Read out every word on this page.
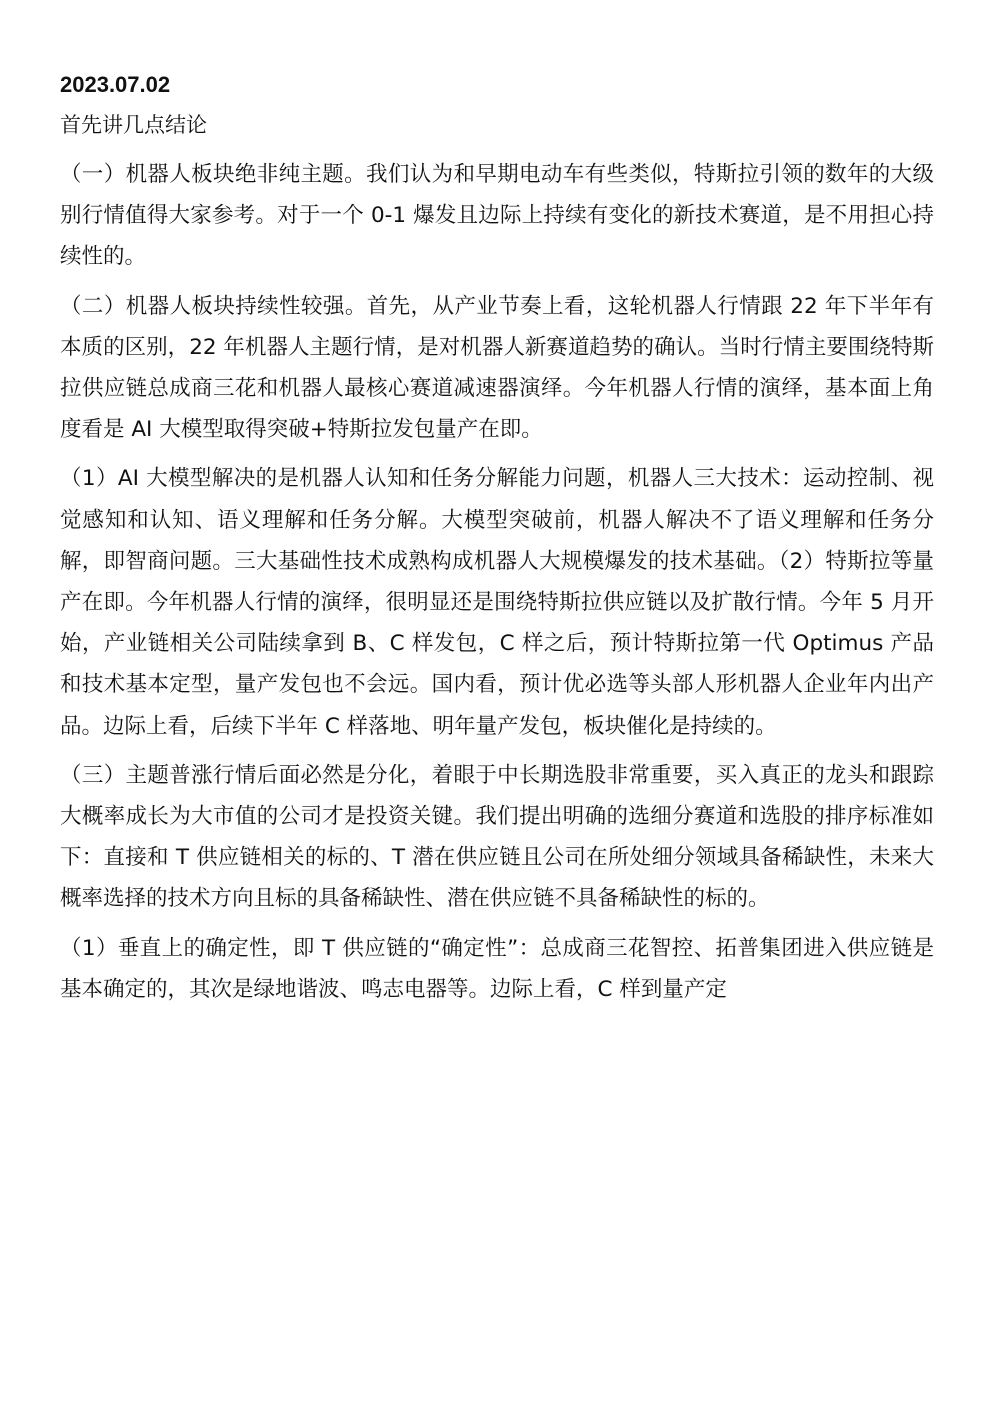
2023.07.02
首先讲几点结论

（一）机器人板块绝非纯主题。我们认为和早期电动车有些类似，特斯拉引领的数年的大级别行情值得大家参考。对于一个 0-1 爆发且边际上持续有变化的新技术赛道，是不用担心持续性的。

（二）机器人板块持续性较强。首先，从产业节奏上看，这轮机器人行情跟 22 年下半年有本质的区别，22 年机器人主题行情，是对机器人新赛道趋势的确认。当时行情主要围绕特斯拉供应链总成商三花和机器人最核心赛道减速器演绎。今年机器人行情的演绎，基本面上角度看是 AI 大模型取得突破+特斯拉发包量产在即。

（1）AI 大模型解决的是机器人认知和任务分解能力问题，机器人三大技术：运动控制、视觉感知和认知、语义理解和任务分解。大模型突破前，机器人解决不了语义理解和任务分解，即智商问题。三大基础性技术成熟构成机器人大规模爆发的技术基础。（2）特斯拉等量产在即。今年机器人行情的演绎，很明显还是围绕特斯拉供应链以及扩散行情。今年 5 月开始，产业链相关公司陆续拿到 B、C 样发包，C 样之后，预计特斯拉第一代 Optimus 产品和技术基本定型，量产发包也不会远。国内看，预计优必选等头部人形机器人企业年内出产品。边际上看，后续下半年 C 样落地、明年量产发包，板块催化是持续的。

（三）主题普涨行情后面必然是分化，着眼于中长期选股非常重要，买入真正的龙头和跟踪大概率成长为大市值的公司才是投资关键。我们提出明确的选细分赛道和选股的排序标准如下：直接和 T 供应链相关的标的、T 潜在供应链且公司在所处细分领域具备稀缺性，未来大概率选择的技术方向且标的具备稀缺性、潜在供应链不具备稀缺性的标的。

（1）垂直上的确定性，即 T 供应链的“确定性”：总成商三花智控、拓普集团进入供应链是基本确定的，其次是绿地谐波、鸣志电器等。边际上看，C 样到量产定
